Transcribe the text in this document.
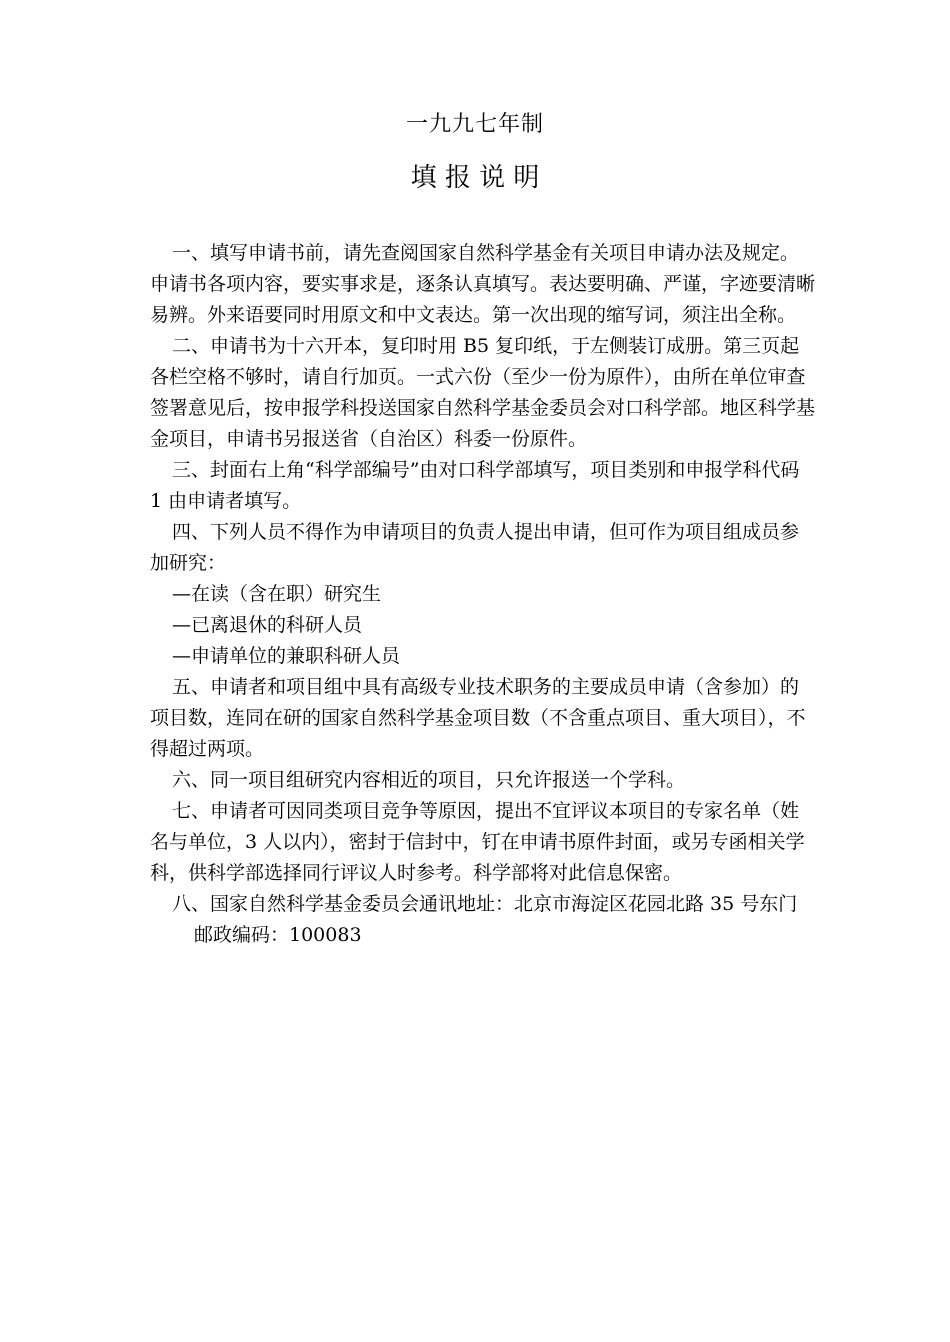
一九九七年制
填 报 说 明

一、填写申请书前，请先查阅国家自然科学基金有关项目申请办法及规定。申请书各项内容，要实事求是，逐条认真填写。表达要明确、严谨，字迹要清晰易辨。外来语要同时用原文和中文表达。第一次出现的缩写词，须注出全称。

二、申请书为十六开本，复印时用 B5 复印纸，于左侧装订成册。第三页起各栏空格不够时，请自行加页。一式六份（至少一份为原件），由所在单位审查签署意见后，按申报学科投送国家自然科学基金委员会对口科学部。地区科学基金项目，申请书另报送省（自治区）科委一份原件。

三、封面右上角“科学部编号”由对口科学部填写，项目类别和申报学科代码 1 由申请者填写。

四、下列人员不得作为申请项目的负责人提出申请，但可作为项目组成员参加研究：

—在读（含在职）研究生

—已离退休的科研人员

—申请单位的兼职科研人员

五、申请者和项目组中具有高级专业技术职务的主要成员申请（含参加）的项目数，连同在研的国家自然科学基金项目数（不含重点项目、重大项目），不得超过两项。

六、同一项目组研究内容相近的项目，只允许报送一个学科。

七、申请者可因同类项目竞争等原因，提出不宜评议本项目的专家名单（姓名与单位，3 人以内），密封于信封中，钉在申请书原件封面，或另专函相关学科，供科学部选择同行评议人时参考。科学部将对此信息保密。

八、国家自然科学基金委员会通讯地址：北京市海淀区花园北路 35 号东门

邮政编码：100083
